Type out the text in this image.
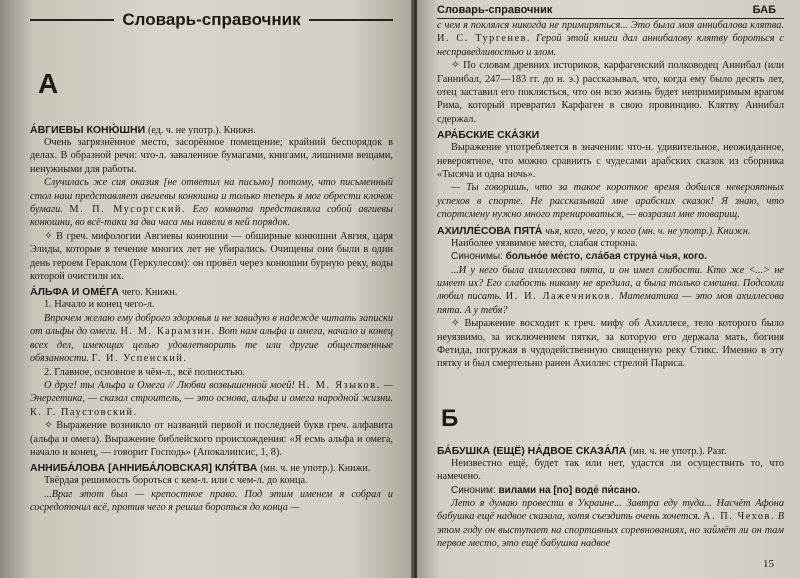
Словарь-справочник
А
А́ВГИЕВЫ КОНЮ́ШНИ (ед. ч. не употр.). Книжн.

Очень загрязнённое место, засорённое помещение; крайний беспорядок в делах. В образной речи: что-л. заваленное бумагами, книгами, лишними вещами, ненужными для работы.

Случилась же сия оказия [не ответил на письмо] потому, что письменный стол наш представляет авгиевы конюшни и только теперь я мог обрести клочок бумаги. М. П. Мусоргский. Его комната представляла собой авгиевы конюшни, во всё-таки за два часа мы навели в ней порядок.

✧ В греч. мифологии Авгиевы конюшни — обширные конюшни Авгия, царя Элиды, которые в течение многих лет не убирались. Очищены они были в один день героем Гераклом (Геркулесом): он провёл через конюшни бурную реку, воды которой очистили их.

А́ЛЬФА И ОМЕ́ГА чего. Книжн.

1. Начало и конец чего-л.

Впрочем желаю ему доброго здоровья и не завидую в надежде читать записки от альфы до омеги. Н. М. Карамзин. Вот нам альфа и омега, начало и конец всех дел, имеющих целью удовлетворить те или другие общественные обязанности. Г. И. Успенский.

2. Главное, основное в чём-л., всё полностью.

О друг! ты Альфа и Омега // Любви возвышенной моей! Н. М. Языков. — Энергетика, — сказал строитель, — это основа, альфа и омега народной жизни. К. Г. Паустовский.

✧ Выражение возникло от названий первой и последней букв греч. алфавита (альфа и омега). Выражение библейского происхождения: «Я есмь альфа и омега, начало и конец, — говорит Господь» (Апокалипсис, 1, 8).

АННИБА́ЛОВА [АННИБА́ЛОВСКАЯ] КЛЯ́ТВА (мн. ч. не употр.). Книжн.

Твёрдая решимость бороться с кем-л. или с чем-л. до конца.

...Враг этот был — крепостное право. Под этим именем я собрал и сосредоточил всё, против чего я решил бороться до конца —

Словарь-справочник	БАБ

с чем я поклялся никогда не примиряться... Это была моя аннибалова клятва. И. С. Тургенев. Герой этой книги дал аннибалову клятву бороться с несправедливостью и злом.

✧ По словам древних историков, карфагенский полководец Аннибал (или Ганнибал, 247—183 гг. до н. э.) рассказывал, что, когда ему было десять лет, отец заставил его поклясться, что он всю жизнь будет непримиримым врагом Рима, который превратил Карфаген в свою провинцию. Клятву Аннибал сдержал.

АРА́БСКИЕ СКА́ЗКИ

Выражение употребляется в значении: что-н. удивительное, неожиданное, невероятное, что можно сравнить с чудесами арабских сказок из сборника «Тысяча и одна ночь».

— Ты говоришь, что за такое короткое время добился невероятных успехов в спорте. Не рассказывай мне арабских сказок! Я знаю, что спортсмену нужно много тренироваться, — возразил мне товарищ.

АХИЛЛЕ́СОВА ПЯТА́ чья, кого, чего, у кого (мн. ч. не употр.). Книжн.

Наиболее уязвимое место, слабая сторона.

Синонимы: больно́е ме́сто, сла́бая струна́ чья, кого.

...И у него была ахиллесова пята, и он имел слабости. Кто же <...> не имеет их? Его слабость никому не вредила, а была только смешна. Подсохли любил писать. И. И. Лажечников. Математика — это моя ахиллесова пята. А у тебя?

✧ Выражение восходит к греч. мифу об Ахиллесе, тело которого было неуязвимо, за исключением пятки, за которую его держала мать, богиня Фетида, погружая в чудодейственную священную реку Стикс. Именно в эту пятку и был смертельно ранен Ахиллес стрелой Париса.

Б
БА́БУШКА (ЕЩЁ) НА́ДВОЕ СКАЗА́ЛА (мн. ч. не употр.). Разг.

Неизвестно ещё, будет так или нет, удастся ли осуществить то, что намечено.

Синоним: вилами на [по] воде́ пи́сано.

Лето я думаю провести в Украине... Завтра еду туда... Насчёт Афона бабушка ещё надвое сказала, хотя съездить очень хочется. А. П. Чехов. В этом году он выступает на спортивных соревнованиях, но займёт ли он там первое место, это ещё бабушка надвое

15
